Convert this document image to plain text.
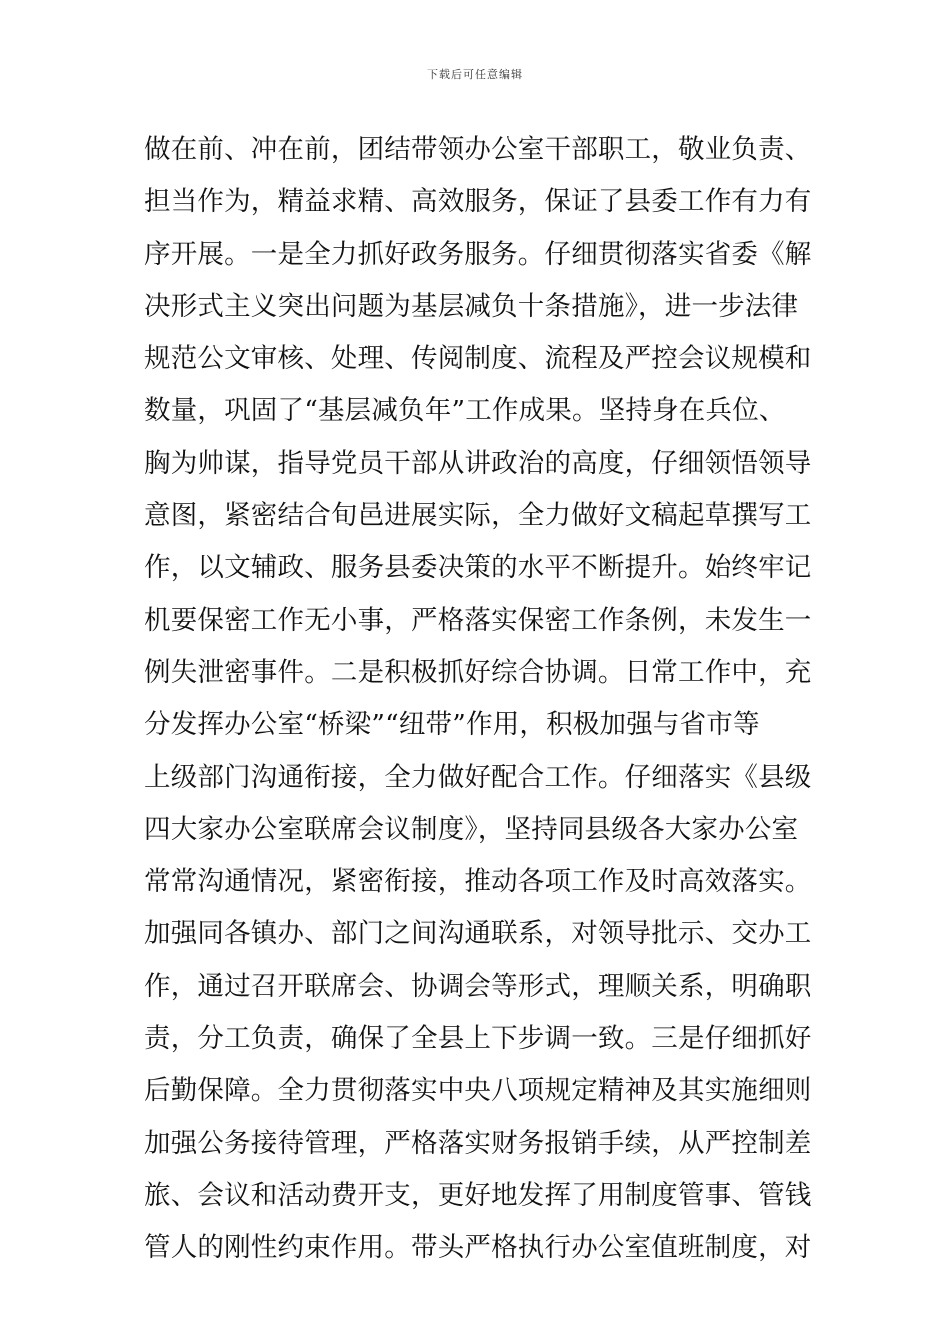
下载后可任意编辑
做在前、冲在前，团结带领办公室干部职工，敬业负责、
担当作为，精益求精、高效服务，保证了县委工作有力有
序开展。一是全力抓好政务服务。仔细贯彻落实省委《解
决形式主义突出问题为基层减负十条措施》，进一步法律
规范公文审核、处理、传阅制度、流程及严控会议规模和
数量，巩固了“基层减负年”工作成果。坚持身在兵位、
胸为帅谋，指导党员干部从讲政治的高度，仔细领悟领导
意图，紧密结合旬邑进展实际，全力做好文稿起草撰写工
作，以文辅政、服务县委决策的水平不断提升。始终牢记
机要保密工作无小事，严格落实保密工作条例，未发生一
例失泄密事件。二是积极抓好综合协调。日常工作中，充
分发挥办公室“桥梁”“纽带”作用，积极加强与省市等
上级部门沟通衔接，全力做好配合工作。仔细落实《县级
四大家办公室联席会议制度》，坚持同县级各大家办公室
常常沟通情况，紧密衔接，推动各项工作及时高效落实。
加强同各镇办、部门之间沟通联系，对领导批示、交办工
作，通过召开联席会、协调会等形式，理顺关系，明确职
责，分工负责，确保了全县上下步调一致。三是仔细抓好
后勤保障。全力贯彻落实中央八项规定精神及其实施细则
加强公务接待管理，严格落实财务报销手续，从严控制差
旅、会议和活动费开支，更好地发挥了用制度管事、管钱
管人的刚性约束作用。带头严格执行办公室值班制度，对
